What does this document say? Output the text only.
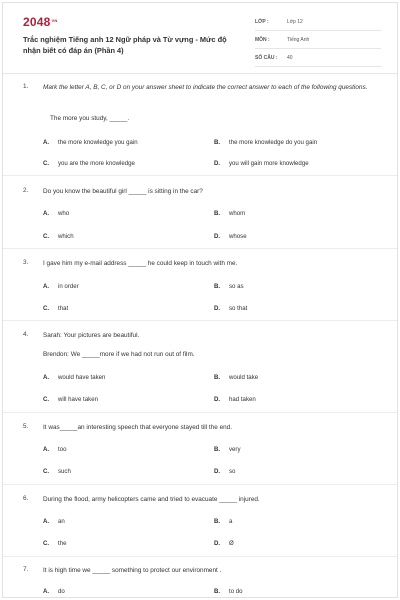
$2048^{VN}$
Trắc nghiệm Tiếng anh 12 Ngữ pháp và Từ vựng - Mức độ nhận biết có đáp án (Phần 4)
LỚP :	Lớp 12
MÔN :	Tiếng Anh
SỐ CÂU : 40
1. Mark the letter A, B, C, or D on your answer sheet to indicate the correct answer to each of the following questions.
The more you study, _____.
A. the more knowledge you gain	B. the more knowledge do you gain
C. you are the more knowledge	D. you will gain more knowledge
2. Do you know the beautiful girl _____ is sitting in the car?
A. who	B. whom
C. which	D. whose
3. I gave him my e-mail address _____ he could keep in touch with me.
A. in order	B. so as
C. that	D. so that
4. Sarah: Your pictures are beautiful.
Brendon: We _____more if we had not run out of film.
A. would have taken	B. would take
C. will have taken	D. had taken
5. It was_____an interesting speech that everyone stayed till the end.
A. too	B. very
C. such	D. so
6. During the flood, army helicopters came and tried to evacuate _____ injured.
A. an	B. a
C. the	D. Ø
7. It is high time we _____ something to protect our environment .
A. do	B. to do
